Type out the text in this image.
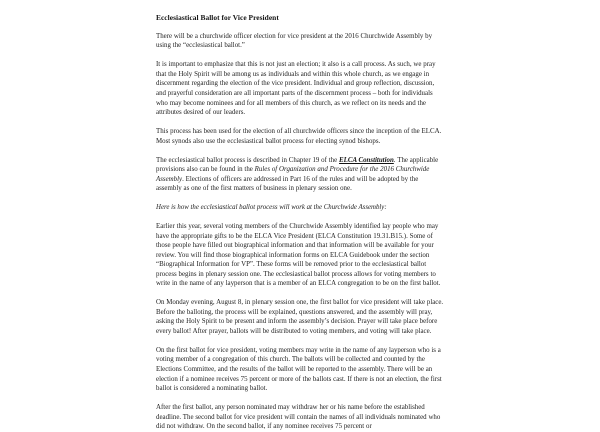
Ecclesiastical Ballot for Vice President

There will be a churchwide officer election for vice president at the 2016 Churchwide Assembly by using the “ecclesiastical ballot.”

It is important to emphasize that this is not just an election; it also is a call process. As such, we pray that the Holy Spirit will be among us as individuals and within this whole church, as we engage in discernment regarding the election of the vice president. Individual and group reflection, discussion, and prayerful consideration are all important parts of the discernment process – both for individuals who may become nominees and for all members of this church, as we reflect on its needs and the attributes desired of our leaders.

This process has been used for the election of all churchwide officers since the inception of the ELCA. Most synods also use the ecclesiastical ballot process for electing synod bishops.

The ecclesiastical ballot process is described in Chapter 19 of the ELCA Constitution. The applicable provisions also can be found in the Rules of Organization and Procedure for the 2016 Churchwide Assembly. Elections of officers are addressed in Part 16 of the rules and will be adopted by the assembly as one of the first matters of business in plenary session one.

Here is how the ecclesiastical ballot process will work at the Churchwide Assembly:

Earlier this year, several voting members of the Churchwide Assembly identified lay people who may have the appropriate gifts to be the ELCA Vice President (ELCA Constitution 19.31.B15.). Some of those people have filled out biographical information and that information will be available for your review. You will find those biographical information forms on ELCA Guidebook under the section “Biographical Information for VP”. These forms will be removed prior to the ecclesiastical ballot process begins in plenary session one. The ecclesiastical ballot process allows for voting members to write in the name of any layperson that is a member of an ELCA congregation to be on the first ballot.

On Monday evening, August 8, in plenary session one, the first ballot for vice president will take place. Before the balloting, the process will be explained, questions answered, and the assembly will pray, asking the Holy Spirit to be present and inform the assembly’s decision. Prayer will take place before every ballot! After prayer, ballots will be distributed to voting members, and voting will take place.

On the first ballot for vice president, voting members may write in the name of any layperson who is a voting member of a congregation of this church. The ballots will be collected and counted by the Elections Committee, and the results of the ballot will be reported to the assembly. There will be an election if a nominee receives 75 percent or more of the ballots cast. If there is not an election, the first ballot is considered a nominating ballot.

After the first ballot, any person nominated may withdraw her or his name before the established deadline. The second ballot for vice president will contain the names of all individuals nominated who did not withdraw. On the second ballot, if any nominee receives 75 percent or
